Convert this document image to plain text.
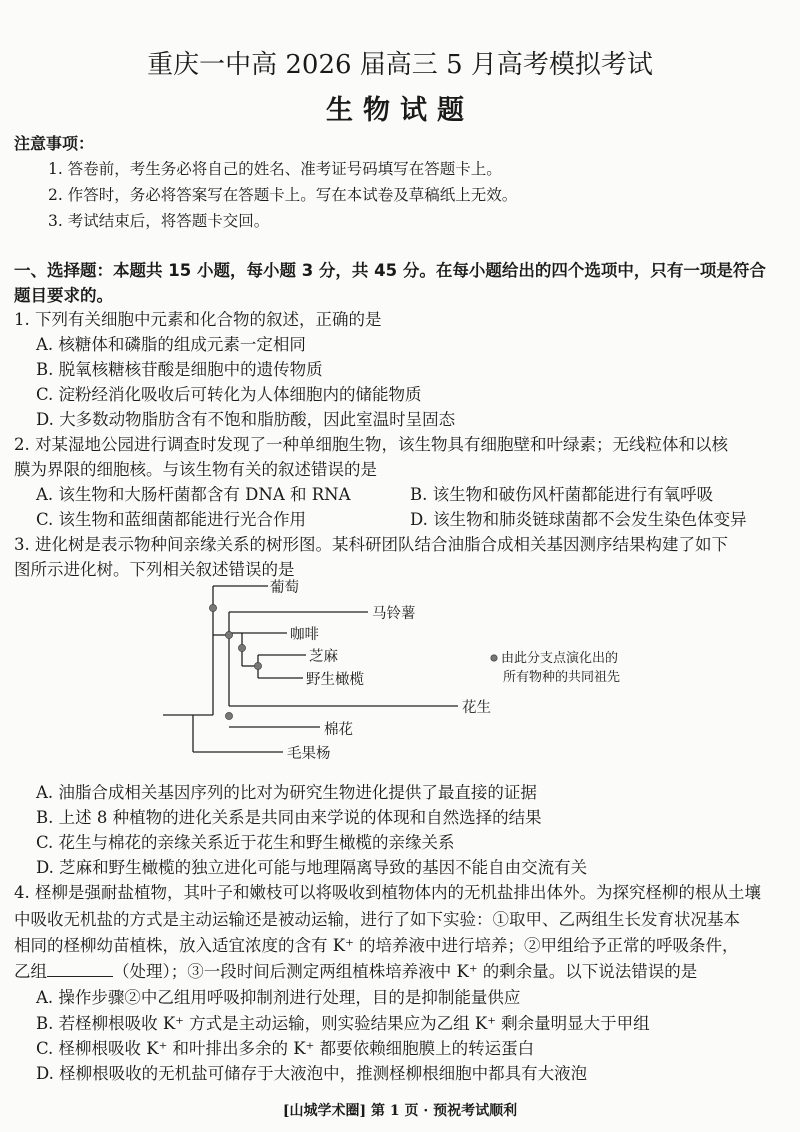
重庆一中高 2026 届高三 5 月高考模拟考试
生物试题
注意事项：
1. 答卷前，考生务必将自己的姓名、准考证号码填写在答题卡上。
2. 作答时，务必将答案写在答题卡上。写在本试卷及草稿纸上无效。
3. 考试结束后，将答题卡交回。
一、选择题：本题共 15 小题，每小题 3 分，共 45 分。在每小题给出的四个选项中，只有一项是符合
题目要求的。
1. 下列有关细胞中元素和化合物的叙述，正确的是
A. 核糖体和磷脂的组成元素一定相同
B. 脱氧核糖核苷酸是细胞中的遗传物质
C. 淀粉经消化吸收后可转化为人体细胞内的储能物质
D. 大多数动物脂肪含有不饱和脂肪酸，因此室温时呈固态
2. 对某湿地公园进行调查时发现了一种单细胞生物，该生物具有细胞壁和叶绿素；无线粒体和以核
膜为界限的细胞核。与该生物有关的叙述错误的是
A. 该生物和大肠杆菌都含有 DNA 和 RNA	B. 该生物和破伤风杆菌都能进行有氧呼吸
C. 该生物和蓝细菌都能进行光合作用	D. 该生物和肺炎链球菌都不会发生染色体变异
3. 进化树是表示物种间亲缘关系的树形图。某科研团队结合油脂合成相关基因测序结果构建了如下
图所示进化树。下列相关叙述错误的是
葡萄
马铃薯
咖啡
芝麻
野生橄榄
花生
棉花
毛果杨
由此分支点演化出的
所有物种的共同祖先
A. 油脂合成相关基因序列的比对为研究生物进化提供了最直接的证据
B. 上述 8 种植物的进化关系是共同由来学说的体现和自然选择的结果
C. 花生与棉花的亲缘关系近于花生和野生橄榄的亲缘关系
D. 芝麻和野生橄榄的独立进化可能与地理隔离导致的基因不能自由交流有关
4. 柽柳是强耐盐植物，其叶子和嫩枝可以将吸收到植物体内的无机盐排出体外。为探究柽柳的根从土壤
中吸收无机盐的方式是主动运输还是被动运输，进行了如下实验：①取甲、乙两组生长发育状况基本
相同的柽柳幼苗植株，放入适宜浓度的含有 K⁺ 的培养液中进行培养；②甲组给予正常的呼吸条件，
乙组	（处理）；③一段时间后测定两组植株培养液中 K⁺ 的剩余量。以下说法错误的是
A. 操作步骤②中乙组用呼吸抑制剂进行处理，目的是抑制能量供应
B. 若柽柳根吸收 K⁺ 方式是主动运输，则实验结果应为乙组 K⁺ 剩余量明显大于甲组
C. 柽柳根吸收 K⁺ 和叶排出多余的 K⁺ 都要依赖细胞膜上的转运蛋白
D. 柽柳根吸收的无机盐可储存于大液泡中，推测柽柳根细胞中都具有大液泡
[山城学术圈] 第 1 页 · 预祝考试顺利
